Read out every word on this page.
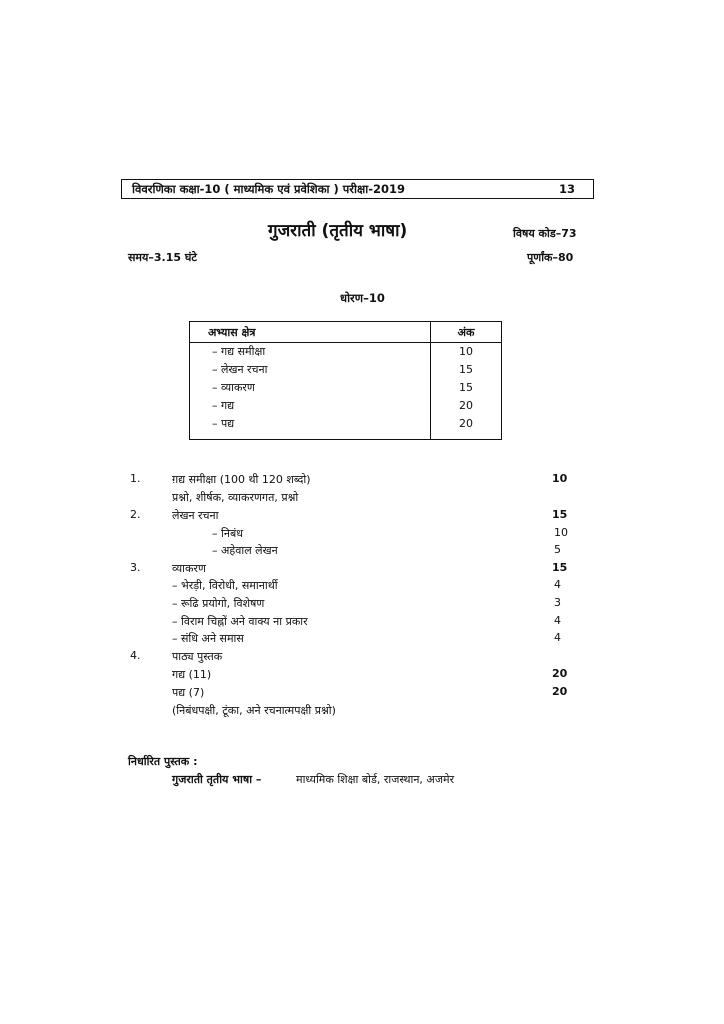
विवरणिका कक्षा-10 ( माध्यमिक एवं प्रवेशिका ) परीक्षा-2019	13
गुजराती (तृतीय भाषा)	विषय कोड–73
समय–3.15 घंटे	पूर्णांक–80
धोरण–10
अभ्यास क्षेत्र	अंक
– गद्य समीक्षा	10
– लेखन रचना	15
– व्याकरण	15
– गद्य	20
– पद्य	20
1.	ग़द्य समीक्षा (100 थी 120 शब्दो)	10
प्रश्नो, शीर्षक, व्याकरणगत, प्रश्नो
2.	लेखन रचना	15
– निबंध	10
– अहेवाल लेखन	5
3.	व्याकरण	15
– भेरड़ी, विरोधी, समानार्थी	4
– रूढि प्रयोगो, विशेषण	3
– विराम चिह्नों अने वाक्य ना प्रकार	4
– संधि अने समास	4
4.	पाठ्य पुस्तक
गद्य (11)	20
पद्य (7)	20
(निबंधपक्षी, टूंका, अने रचनात्मपक्षी प्रश्नो)
निर्धारित पुस्तक :
गुजराती तृतीय भाषा –	माध्यमिक शिक्षा बोर्ड, राजस्थान, अजमेर
